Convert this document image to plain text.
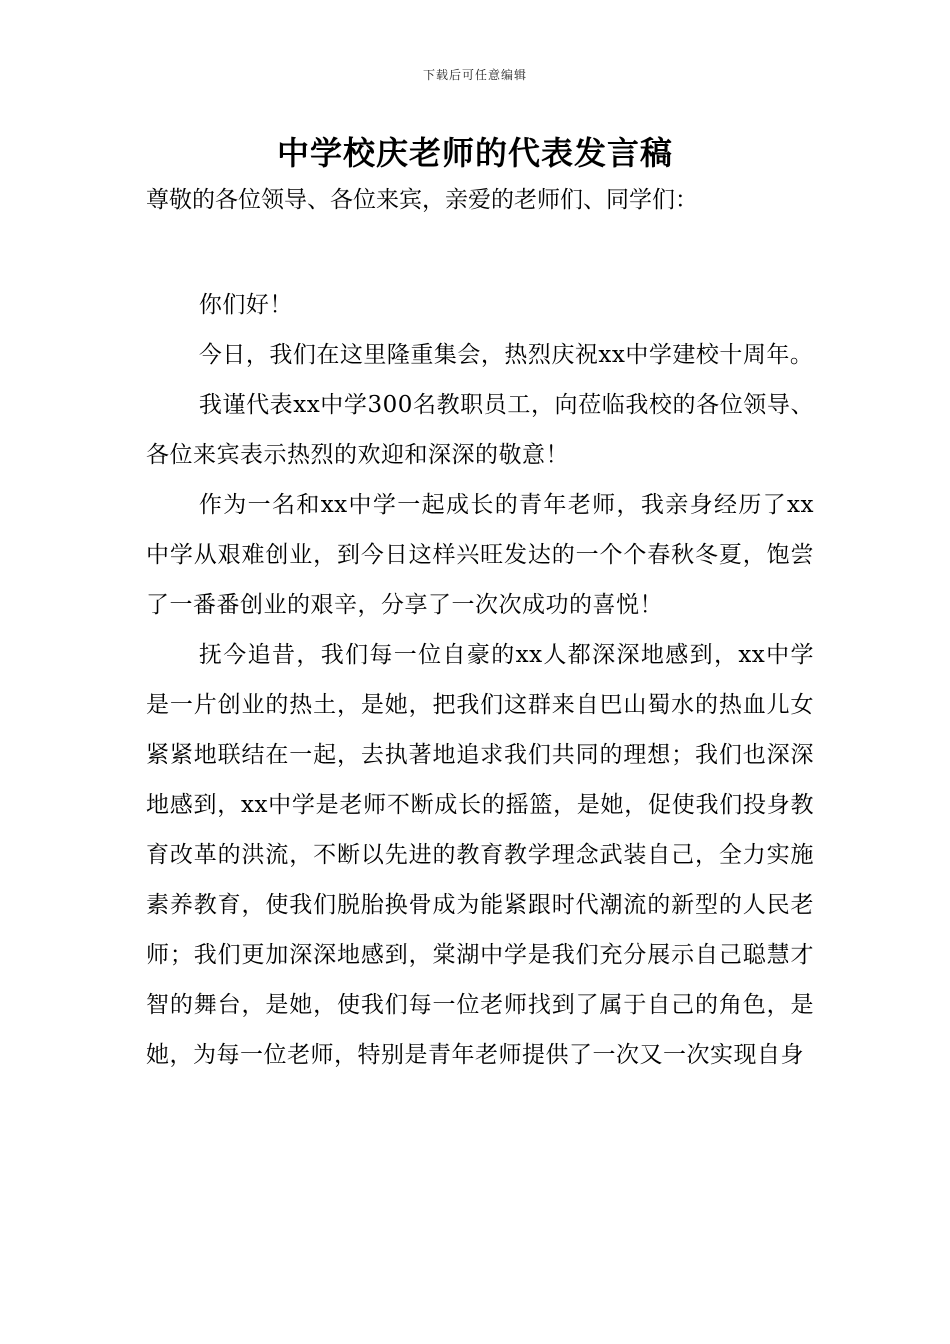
下载后可任意编辑
中学校庆老师的代表发言稿
尊敬的各位领导、各位来宾，亲爱的老师们、同学们：

你们好！

今日，我们在这里隆重集会，热烈庆祝xx中学建校十周年。

我谨代表xx中学300名教职员工，向莅临我校的各位领导、各位来宾表示热烈的欢迎和深深的敬意！

作为一名和xx中学一起成长的青年老师，我亲身经历了xx中学从艰难创业，到今日这样兴旺发达的一个个春秋冬夏，饱尝了一番番创业的艰辛，分享了一次次成功的喜悦！

抚今追昔，我们每一位自豪的xx人都深深地感到，xx中学是一片创业的热土，是她，把我们这群来自巴山蜀水的热血儿女紧紧地联结在一起，去执著地追求我们共同的理想；我们也深深地感到，xx中学是老师不断成长的摇篮，是她，促使我们投身教育改革的洪流，不断以先进的教育教学理念武装自己，全力实施素养教育，使我们脱胎换骨成为能紧跟时代潮流的新型的人民老师；我们更加深深地感到，棠湖中学是我们充分展示自己聪慧才智的舞台，是她，使我们每一位老师找到了属于自己的角色，是她，为每一位老师，特别是青年老师提供了一次又一次实现自身
